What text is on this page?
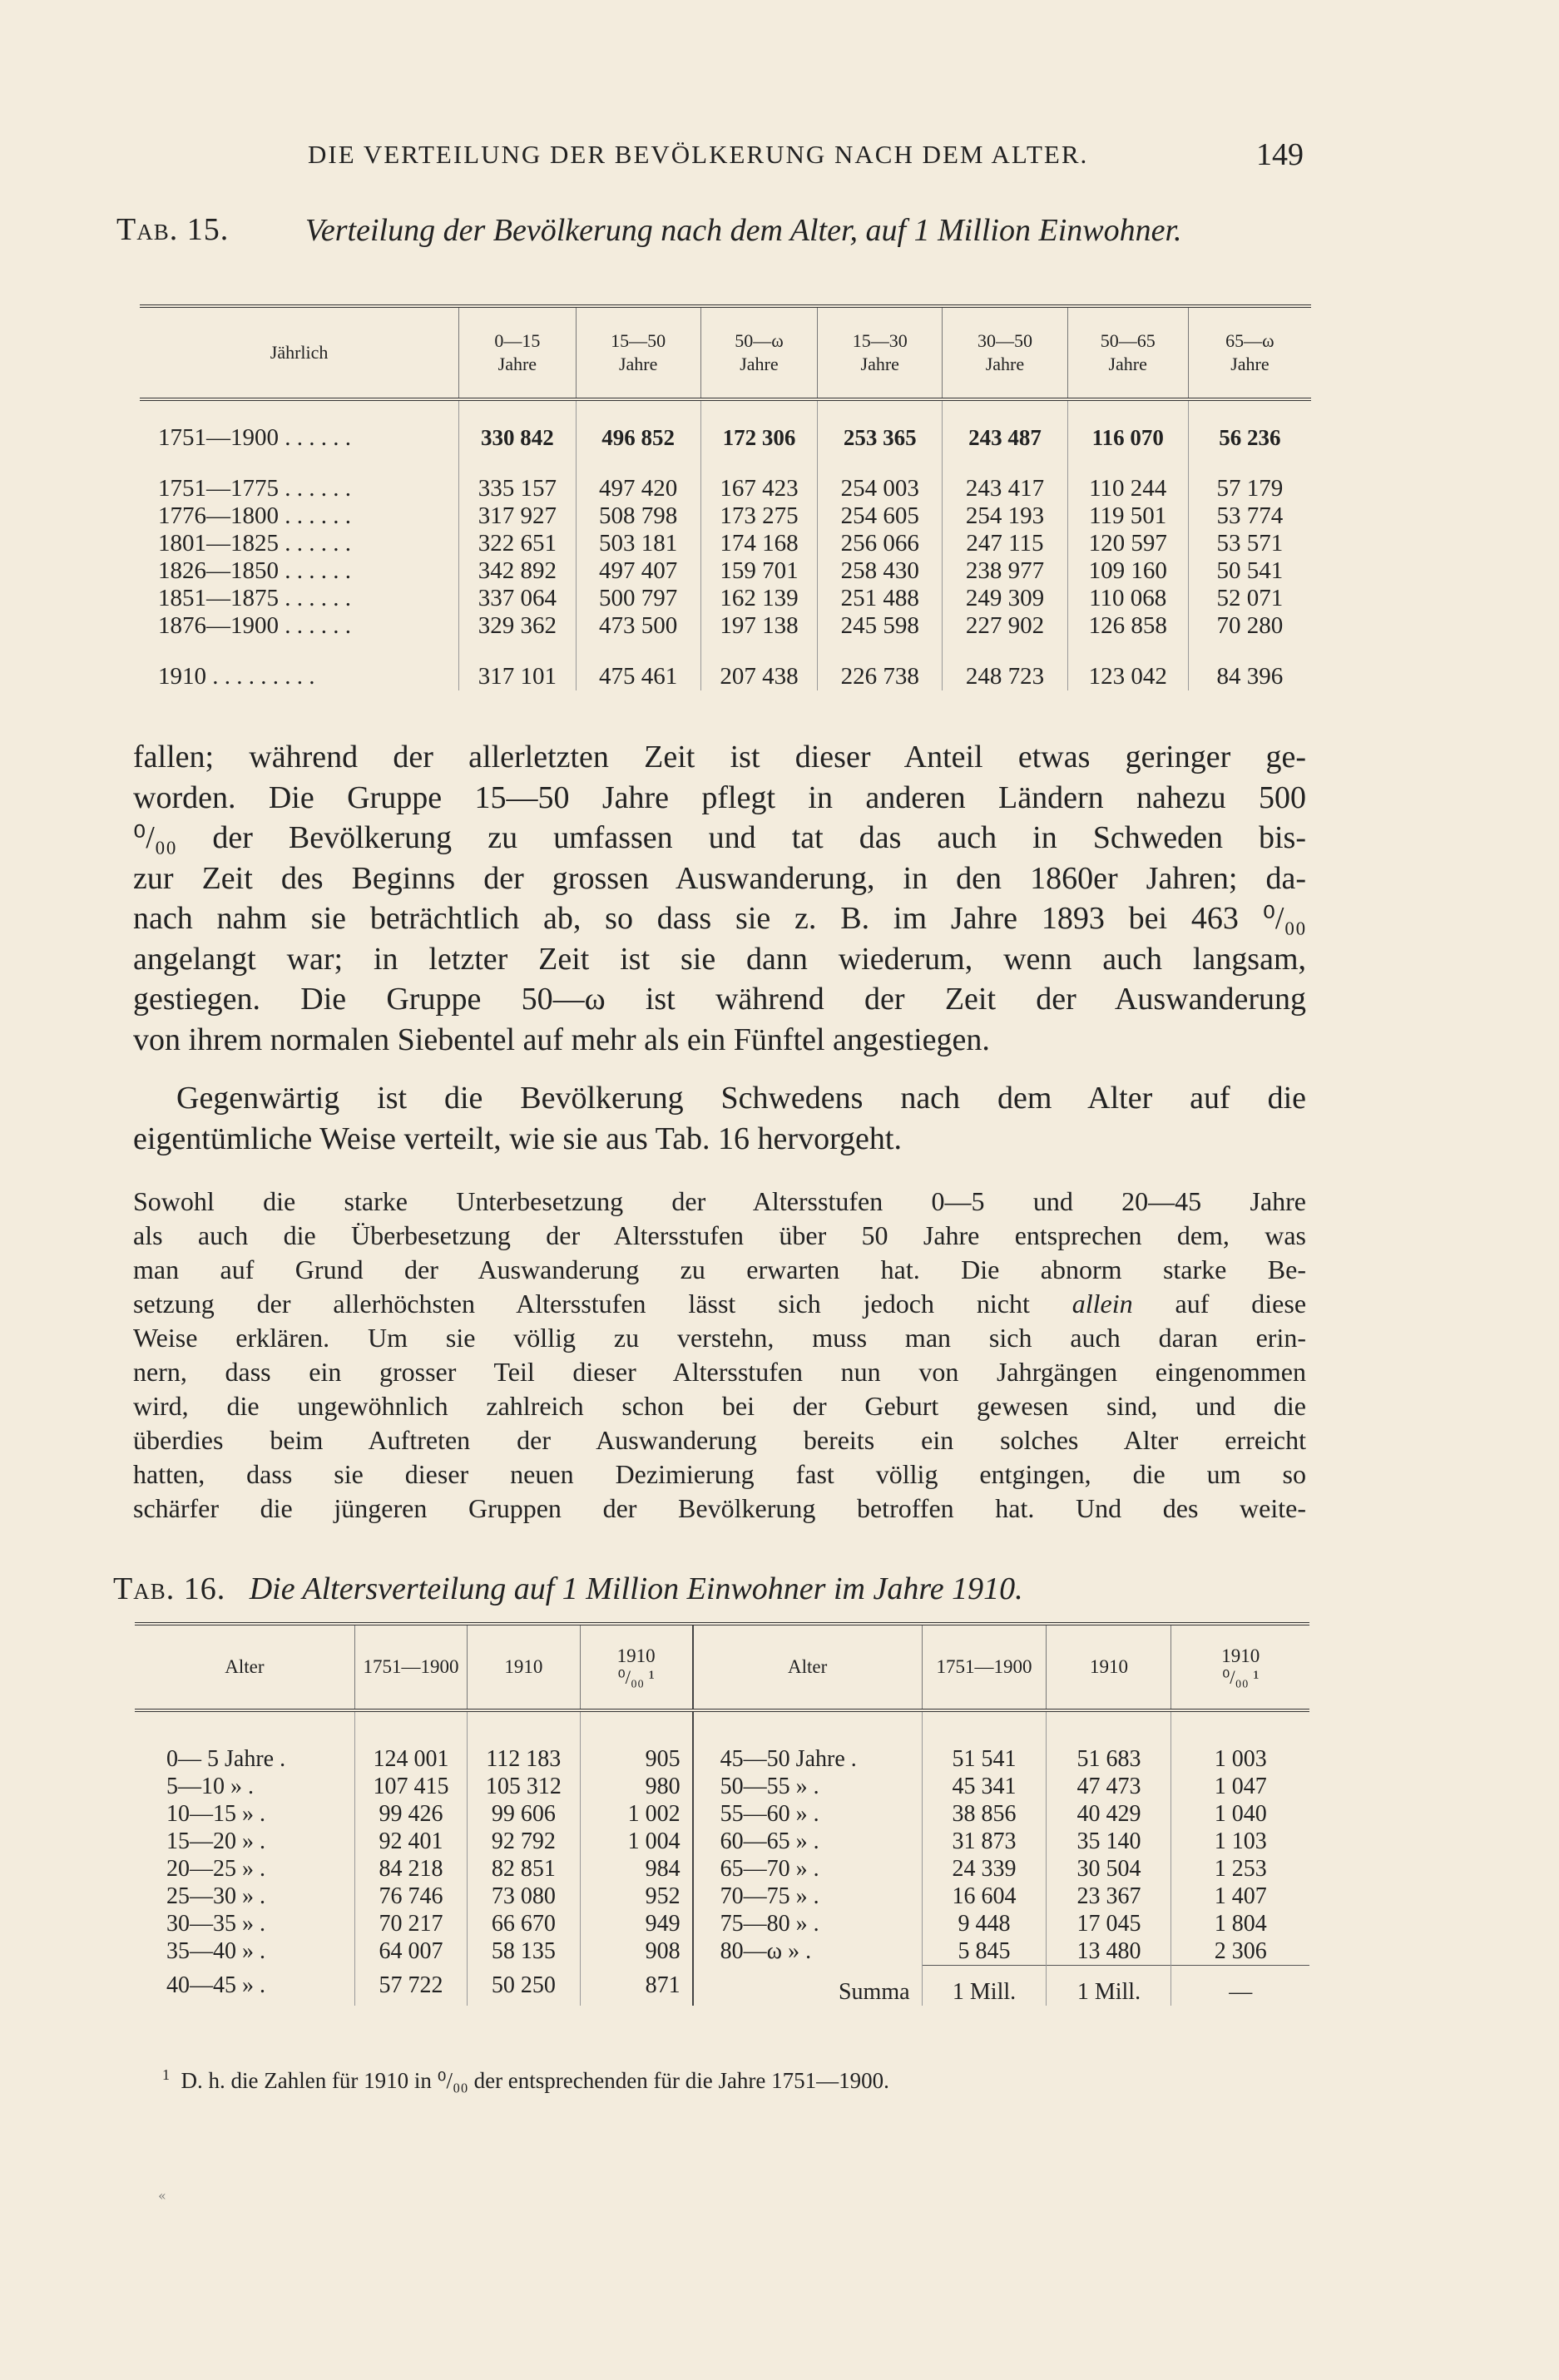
DIE VERTEILUNG DER BEVÖLKERUNG NACH DEM ALTER.	149
Tab. 15. Verteilung der Bevölkerung nach dem Alter, auf 1 Million Einwohner.
Jährlich	0—15 Jahre	15—50 Jahre	50—ω Jahre	15—30 Jahre	30—50 Jahre	50—65 Jahre	65—ω Jahre

1751—1900 . . . . . .	330 842	496 852	172 306	253 365	243 487	116 070	56 236

1751—1775 . . . . . .	335 157	497 420	167 423	254 003	243 417	110 244	57 179
1776—1800 . . . . . .	317 927	508 798	173 275	254 605	254 193	119 501	53 774
1801—1825 . . . . . .	322 651	503 181	174 168	256 066	247 115	120 597	53 571
1826—1850 . . . . . .	342 892	497 407	159 701	258 430	238 977	109 160	50 541
1851—1875 . . . . . .	337 064	500 797	162 139	251 488	249 309	110 068	52 071
1876—1900 . . . . . .	329 362	473 500	197 138	245 598	227 902	126 858	70 280

1910 . . . . . . . . .	317 101	475 461	207 438	226 738	248 723	123 042	84 396
fallen; während der allerletzten Zeit ist dieser Anteil etwas geringer ge-
worden. Die Gruppe 15—50 Jahre pflegt in anderen Ländern nahezu 500
⁰/₀₀ der Bevölkerung zu umfassen und tat das auch in Schweden bis-
zur Zeit des Beginns der grossen Auswanderung, in den 1860er Jahren; da-
nach nahm sie beträchtlich ab, so dass sie z. B. im Jahre 1893 bei 463 ⁰/₀₀
angelangt war; in letzter Zeit ist sie dann wiederum, wenn auch langsam,
gestiegen. Die Gruppe 50—ω ist während der Zeit der Auswanderung
von ihrem normalen Siebentel auf mehr als ein Fünftel angestiegen.
Gegenwärtig ist die Bevölkerung Schwedens nach dem Alter auf die
eigentümliche Weise verteilt, wie sie aus Tab. 16 hervorgeht.
Sowohl die starke Unterbesetzung der Altersstufen 0—5 und 20—45 Jahre
als auch die Überbesetzung der Altersstufen über 50 Jahre entsprechen dem, was
man auf Grund der Auswanderung zu erwarten hat. Die abnorm starke Be-
setzung der allerhöchsten Altersstufen lässt sich jedoch nicht allein auf diese
Weise erklären. Um sie völlig zu verstehn, muss man sich auch daran erin-
nern, dass ein grosser Teil dieser Altersstufen nun von Jahrgängen eingenommen
wird, die ungewöhnlich zahlreich schon bei der Geburt gewesen sind, und die
überdies beim Auftreten der Auswanderung bereits ein solches Alter erreicht
hatten, dass sie dieser neuen Dezimierung fast völlig entgingen, die um so
schärfer die jüngeren Gruppen der Bevölkerung betroffen hat. Und des weite-
Tab. 16. Die Altersverteilung auf 1 Million Einwohner im Jahre 1910.
Alter	1751—1900	1910	1910
⁰/₀₀ ¹	Alter	1751—1900	1910	1910
⁰/₀₀ ¹

0— 5 Jahre .	124 001	112 183	905	45—50 Jahre .	51 541	51 683	1 003
5—10 » .	107 415	105 312	980	50—55 » .	45 341	47 473	1 047
10—15 » .	99 426	99 606	1 002	55—60 » .	38 856	40 429	1 040
15—20 » .	92 401	92 792	1 004	60—65 » .	31 873	35 140	1 103
20—25 » .	84 218	82 851	984	65—70 » .	24 339	30 504	1 253
25—30 » .	76 746	73 080	952	70—75 » .	16 604	23 367	1 407
30—35 » .	70 217	66 670	949	75—80 » .	9 448	17 045	1 804
35—40 » .	64 007	58 135	908	80—ω » .	5 845	13 480	2 306
40—45 » .	57 722	50 250	871	Summa	1 Mill.	1 Mill.	—
$^1$ D. h. die Zahlen für 1910 in ⁰/₀₀ der entsprechenden für die Jahre 1751—1900.
«
